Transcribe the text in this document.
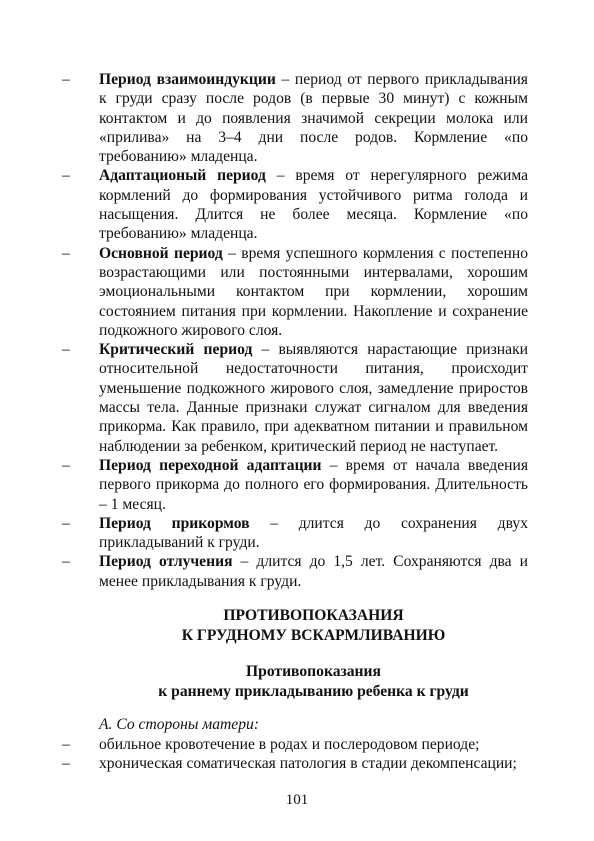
– Период взаимоиндукции – период от первого прикладывания к груди сразу после родов (в первые 30 минут) с кожным контактом и до появления значимой секреции молока или «прилива» на 3–4 дни после родов. Кормление «по требованию» младенца.
– Адаптационый период – время от нерегулярного режима кормлений до формирования устойчивого ритма голода и насыщения. Длится не более месяца. Кормление «по требованию» младенца.
– Основной период – время успешного кормления с постепенно возрастающими или постоянными интервалами, хорошим эмоциональными контактом при кормлении, хорошим состоянием питания при кормлении. Накопление и сохранение подкожного жирового слоя.
– Критический период – выявляются нарастающие признаки относительной недостаточности питания, происходит уменьшение подкожного жирового слоя, замедление приростов массы тела. Данные признаки служат сигналом для введения прикорма. Как правило, при адекватном питании и правильном наблюдении за ребенком, критический период не наступает.
– Период переходной адаптации – время от начала введения первого прикорма до полного его формирования. Длительность – 1 месяц.
– Период прикормов – длится до сохранения двух прикладываний к груди.
– Период отлучения – длится до 1,5 лет. Сохраняются два и менее прикладывания к груди.
ПРОТИВОПОКАЗАНИЯ
К ГРУДНОМУ ВСКАРМЛИВАНИЮ
Противопоказания
к раннему прикладыванию ребенка к груди
А. Со стороны матери:
– обильное кровотечение в родах и послеродовом периоде;
– хроническая соматическая патология в стадии декомпенсации;
101
